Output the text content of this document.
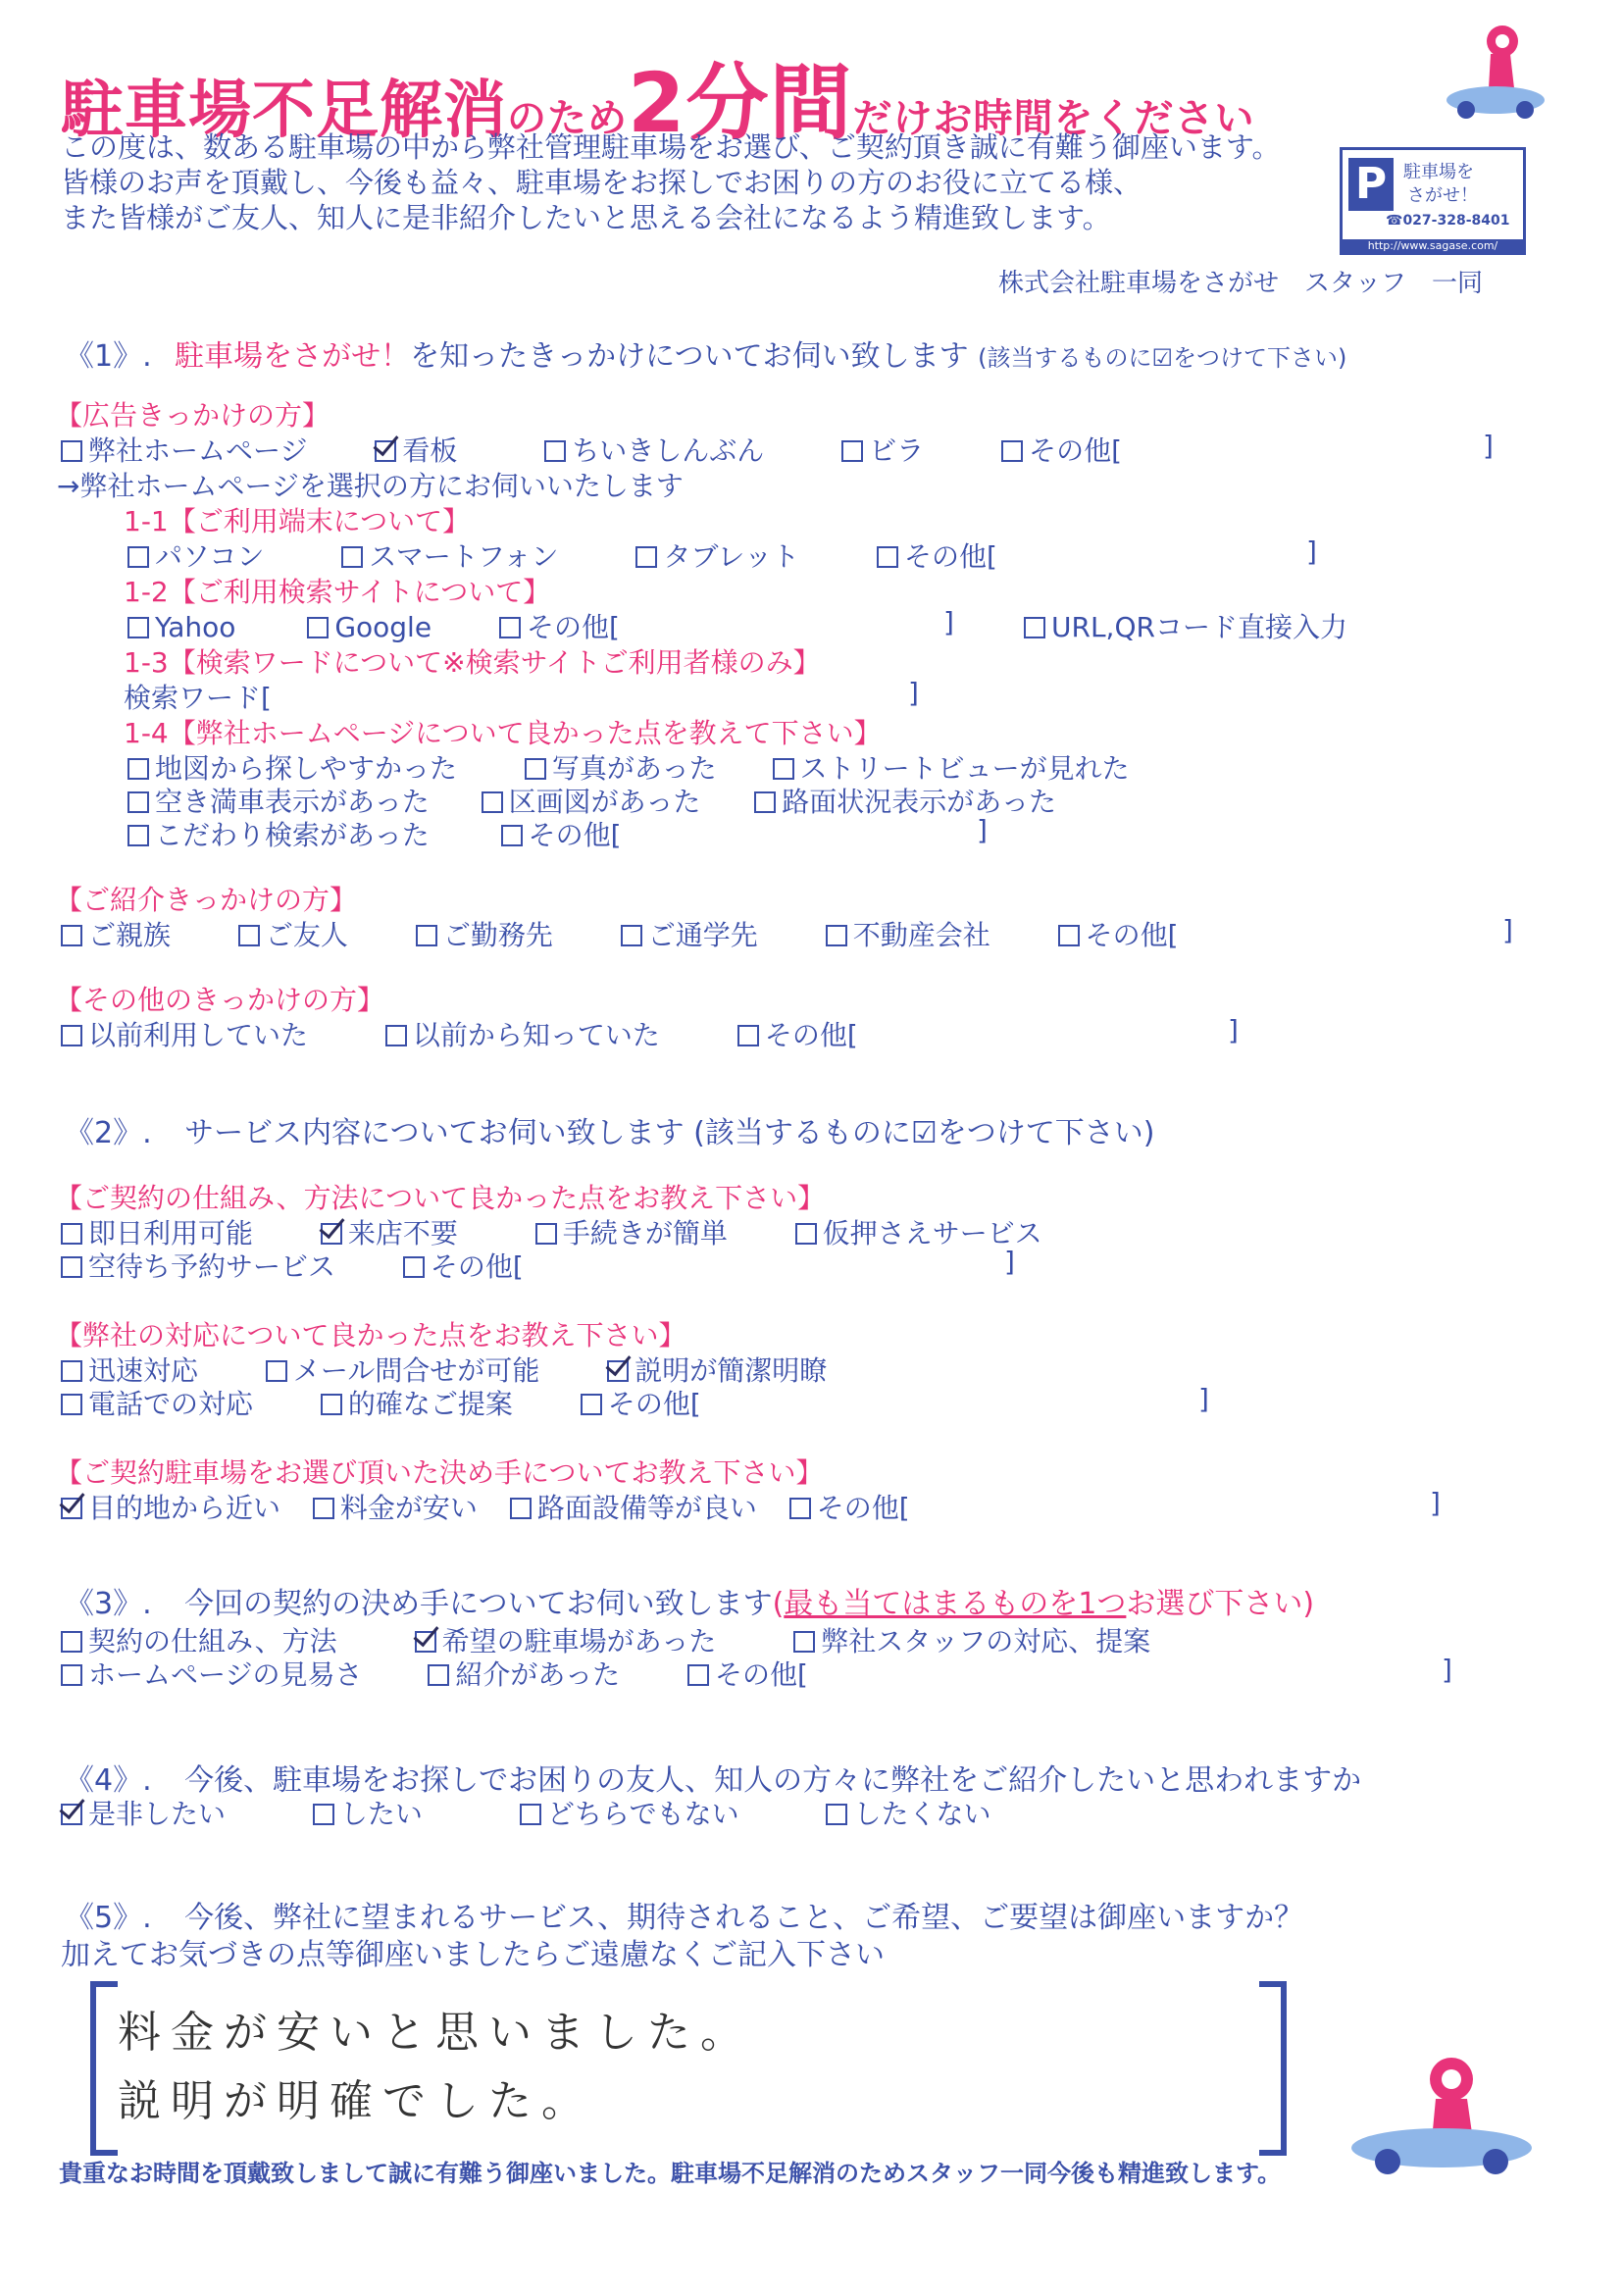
駐車場不足解消のため2分間だけお時間をください
この度は、数ある駐車場の中から弊社管理駐車場をお選び、ご契約頂き誠に有難う御座います。
皆様のお声を頂戴し、今後も益々、駐車場をお探しでお困りの方のお役に立てる様、
また皆様がご友人、知人に是非紹介したいと思える会社になるよう精進致します。
P 駐車場を
さがせ！
☎027-328-8401
http://www.sagase.com/
株式会社駐車場をさがせ　スタッフ　一同
《1》. 駐車場をさがせ！を知ったきっかけについてお伺い致します (該当するものに☑をつけて下さい)
【広告きっかけの方】
弊社ホームページ	看板	ちいきしんぶん	ビラ	その他[	]
→弊社ホームページを選択の方にお伺いいたします
1-1【ご利用端末について】
パソコン	スマートフォン	タブレット	その他[	]
1-2【ご利用検索サイトについて】
Yahoo	Google	その他[	]	URL,QRコード直接入力
1-3【検索ワードについて※検索サイトご利用者様のみ】
検索ワード[	]
1-4【弊社ホームページについて良かった点を教えて下さい】
地図から探しやすかった	写真があった	ストリートビューが見れた
空き満車表示があった	区画図があった	路面状況表示があった
こだわり検索があった	その他[	]
【ご紹介きっかけの方】
ご親族	ご友人	ご勤務先	ご通学先	不動産会社	その他[	]
【その他のきっかけの方】
以前利用していた	以前から知っていた	その他[	]
《2》. サービス内容についてお伺い致します (該当するものに☑をつけて下さい)
【ご契約の仕組み、方法について良かった点をお教え下さい】
即日利用可能	来店不要	手続きが簡単	仮押さえサービス
空待ち予約サービス	その他[	]
【弊社の対応について良かった点をお教え下さい】
迅速対応	メール問合せが可能	説明が簡潔明瞭
電話での対応	的確なご提案	その他[	]
【ご契約駐車場をお選び頂いた決め手についてお教え下さい】
目的地から近い 料金が安い 路面設備等が良い その他[	]
《3》. 今回の契約の決め手についてお伺い致します(最も当てはまるものを1つお選び下さい)
契約の仕組み、方法	希望の駐車場があった	弊社スタッフの対応、提案
ホームページの見易さ	紹介があった	その他[	]
《4》. 今後、駐車場をお探しでお困りの友人、知人の方々に弊社をご紹介したいと思われますか
是非したい	したい	どちらでもない	したくない
《5》. 今後、弊社に望まれるサービス、期待されること、ご希望、ご要望は御座いますか？
加えてお気づきの点等御座いましたらご遠慮なくご記入下さい
料金が安いと思いました。
説明が明確でした。
貴重なお時間を頂戴致しまして誠に有難う御座いました。駐車場不足解消のためスタッフ一同今後も精進致します。
